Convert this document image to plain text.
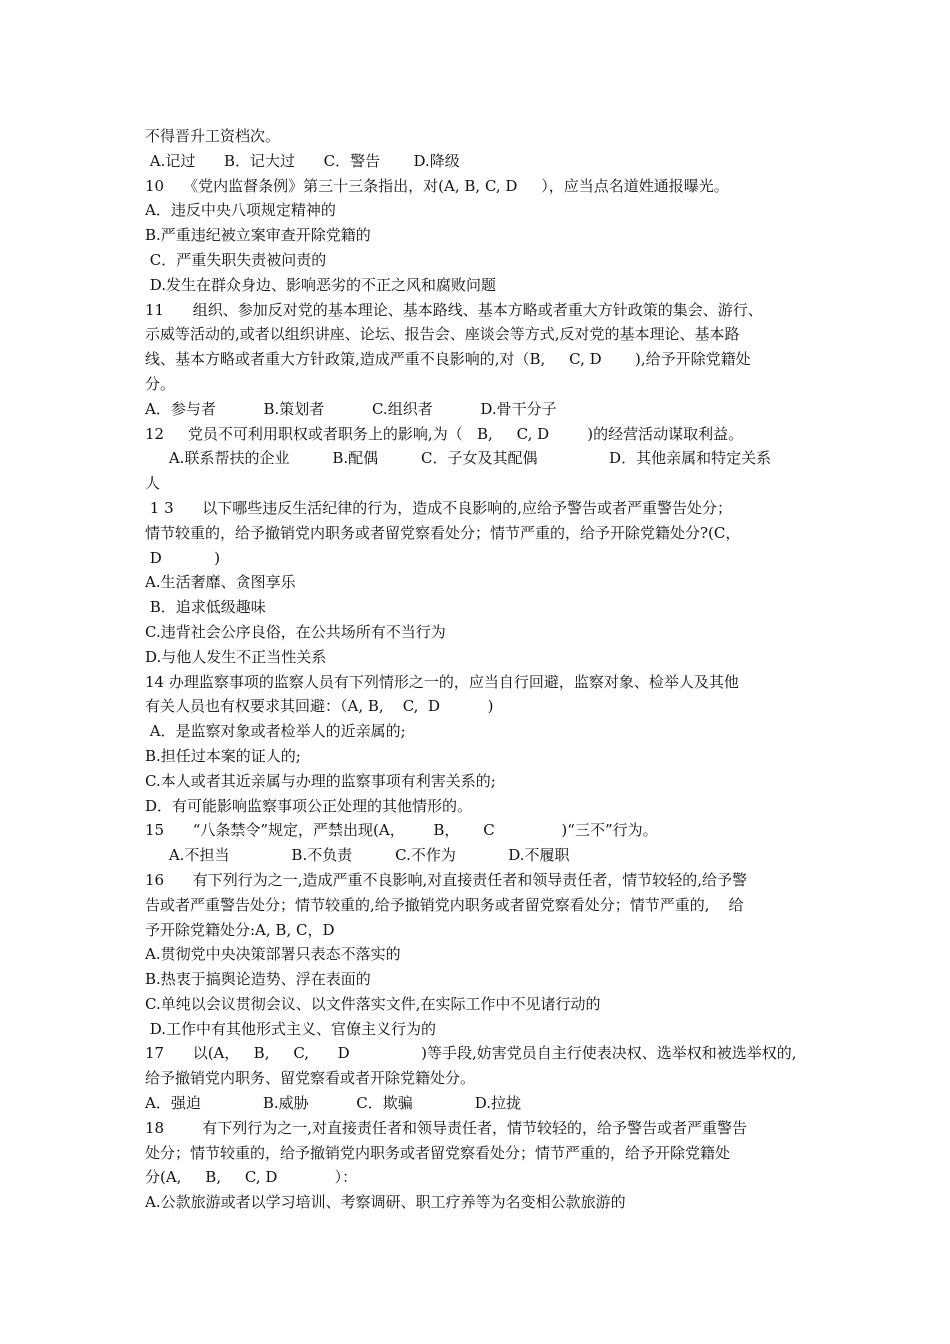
不得晋升工资档次。
A.记过      B．记大过      C．警告       D.降级
10    《党内监督条例》第三十三条指出，对(A, B, C, D     ），应当点名道姓通报曝光。
A．违反中央八项规定精神的
B.严重违纪被立案审查开除党籍的
C．严重失职失责被问责的
D.发生在群众身边、影响恶劣的不正之风和腐败问题
11      组织、参加反对党的基本理论、基本路线、基本方略或者重大方针政策的集会、游行、
示威等活动的,或者以组织讲座、论坛、报告会、座谈会等方式,反对党的基本理论、基本路
线、基本方略或者重大方针政策,造成严重不良影响的,对（B,     C, D       ),给予开除党籍处
分。
A．参与者          B.策划者          C.组织者          D.骨干分子
12     党员不可利用职权或者职务上的影响,为（   B,     C, D        )的经营活动谋取利益。
A.联系帮扶的企业         B.配偶         C．子女及其配偶               D．其他亲属和特定关系
人
1 3      以下哪些违反生活纪律的行为，造成不良影响的,应给予警告或者严重警告处分；
情节较重的，给予撤销党内职务或者留党察看处分；情节严重的，给予开除党籍处分?(C，
D           )
A.生活奢靡、贪图享乐
B．追求低级趣味
C.违背社会公序良俗，在公共场所有不当行为
D.与他人发生不正当性关系
14 办理监察事项的监察人员有下列情形之一的，应当自行回避，监察对象、检举人及其他
有关人员也有权要求其回避：（A, B,    C,  D          )
A．是监察对象或者检举人的近亲属的;
B.担任过本案的证人的;
C.本人或者其近亲属与办理的监察事项有利害关系的;
D．有可能影响监察事项公正处理的其他情形的。
15      “八条禁令”规定，严禁出现(A，      B，     C              )“三不”行为。
A.不担当             B.不负责         C.不作为           D.不履职
16      有下列行为之一,造成严重不良影响,对直接责任者和领导责任者，情节较轻的,给予警
告或者严重警告处分；情节较重的,给予撤销党内职务或者留党察看处分；情节严重的,    给
予开除党籍处分:A, B, C，D
A.贯彻党中央决策部署只表态不落实的
B.热衷于搞舆论造势、浮在表面的
C.单纯以会议贯彻会议、以文件落实文件,在实际工作中不见诸行动的
D.工作中有其他形式主义、官僚主义行为的
17      以(A，   B,     C,      D               )等手段,妨害党员自主行使表决权、选举权和被选举权的,
给予撤销党内职务、留党察看或者开除党籍处分。
A．强迫             B.威胁          C．欺骗             D.拉拢
18        有下列行为之一,对直接责任者和领导责任者，情节较轻的，给予警告或者严重警告
处分；情节较重的，给予撤销党内职务或者留党察看处分；情节严重的，给予开除党籍处
分(A,     B,     C, D            ）：
A.公款旅游或者以学习培训、考察调研、职工疗养等为名变相公款旅游的
